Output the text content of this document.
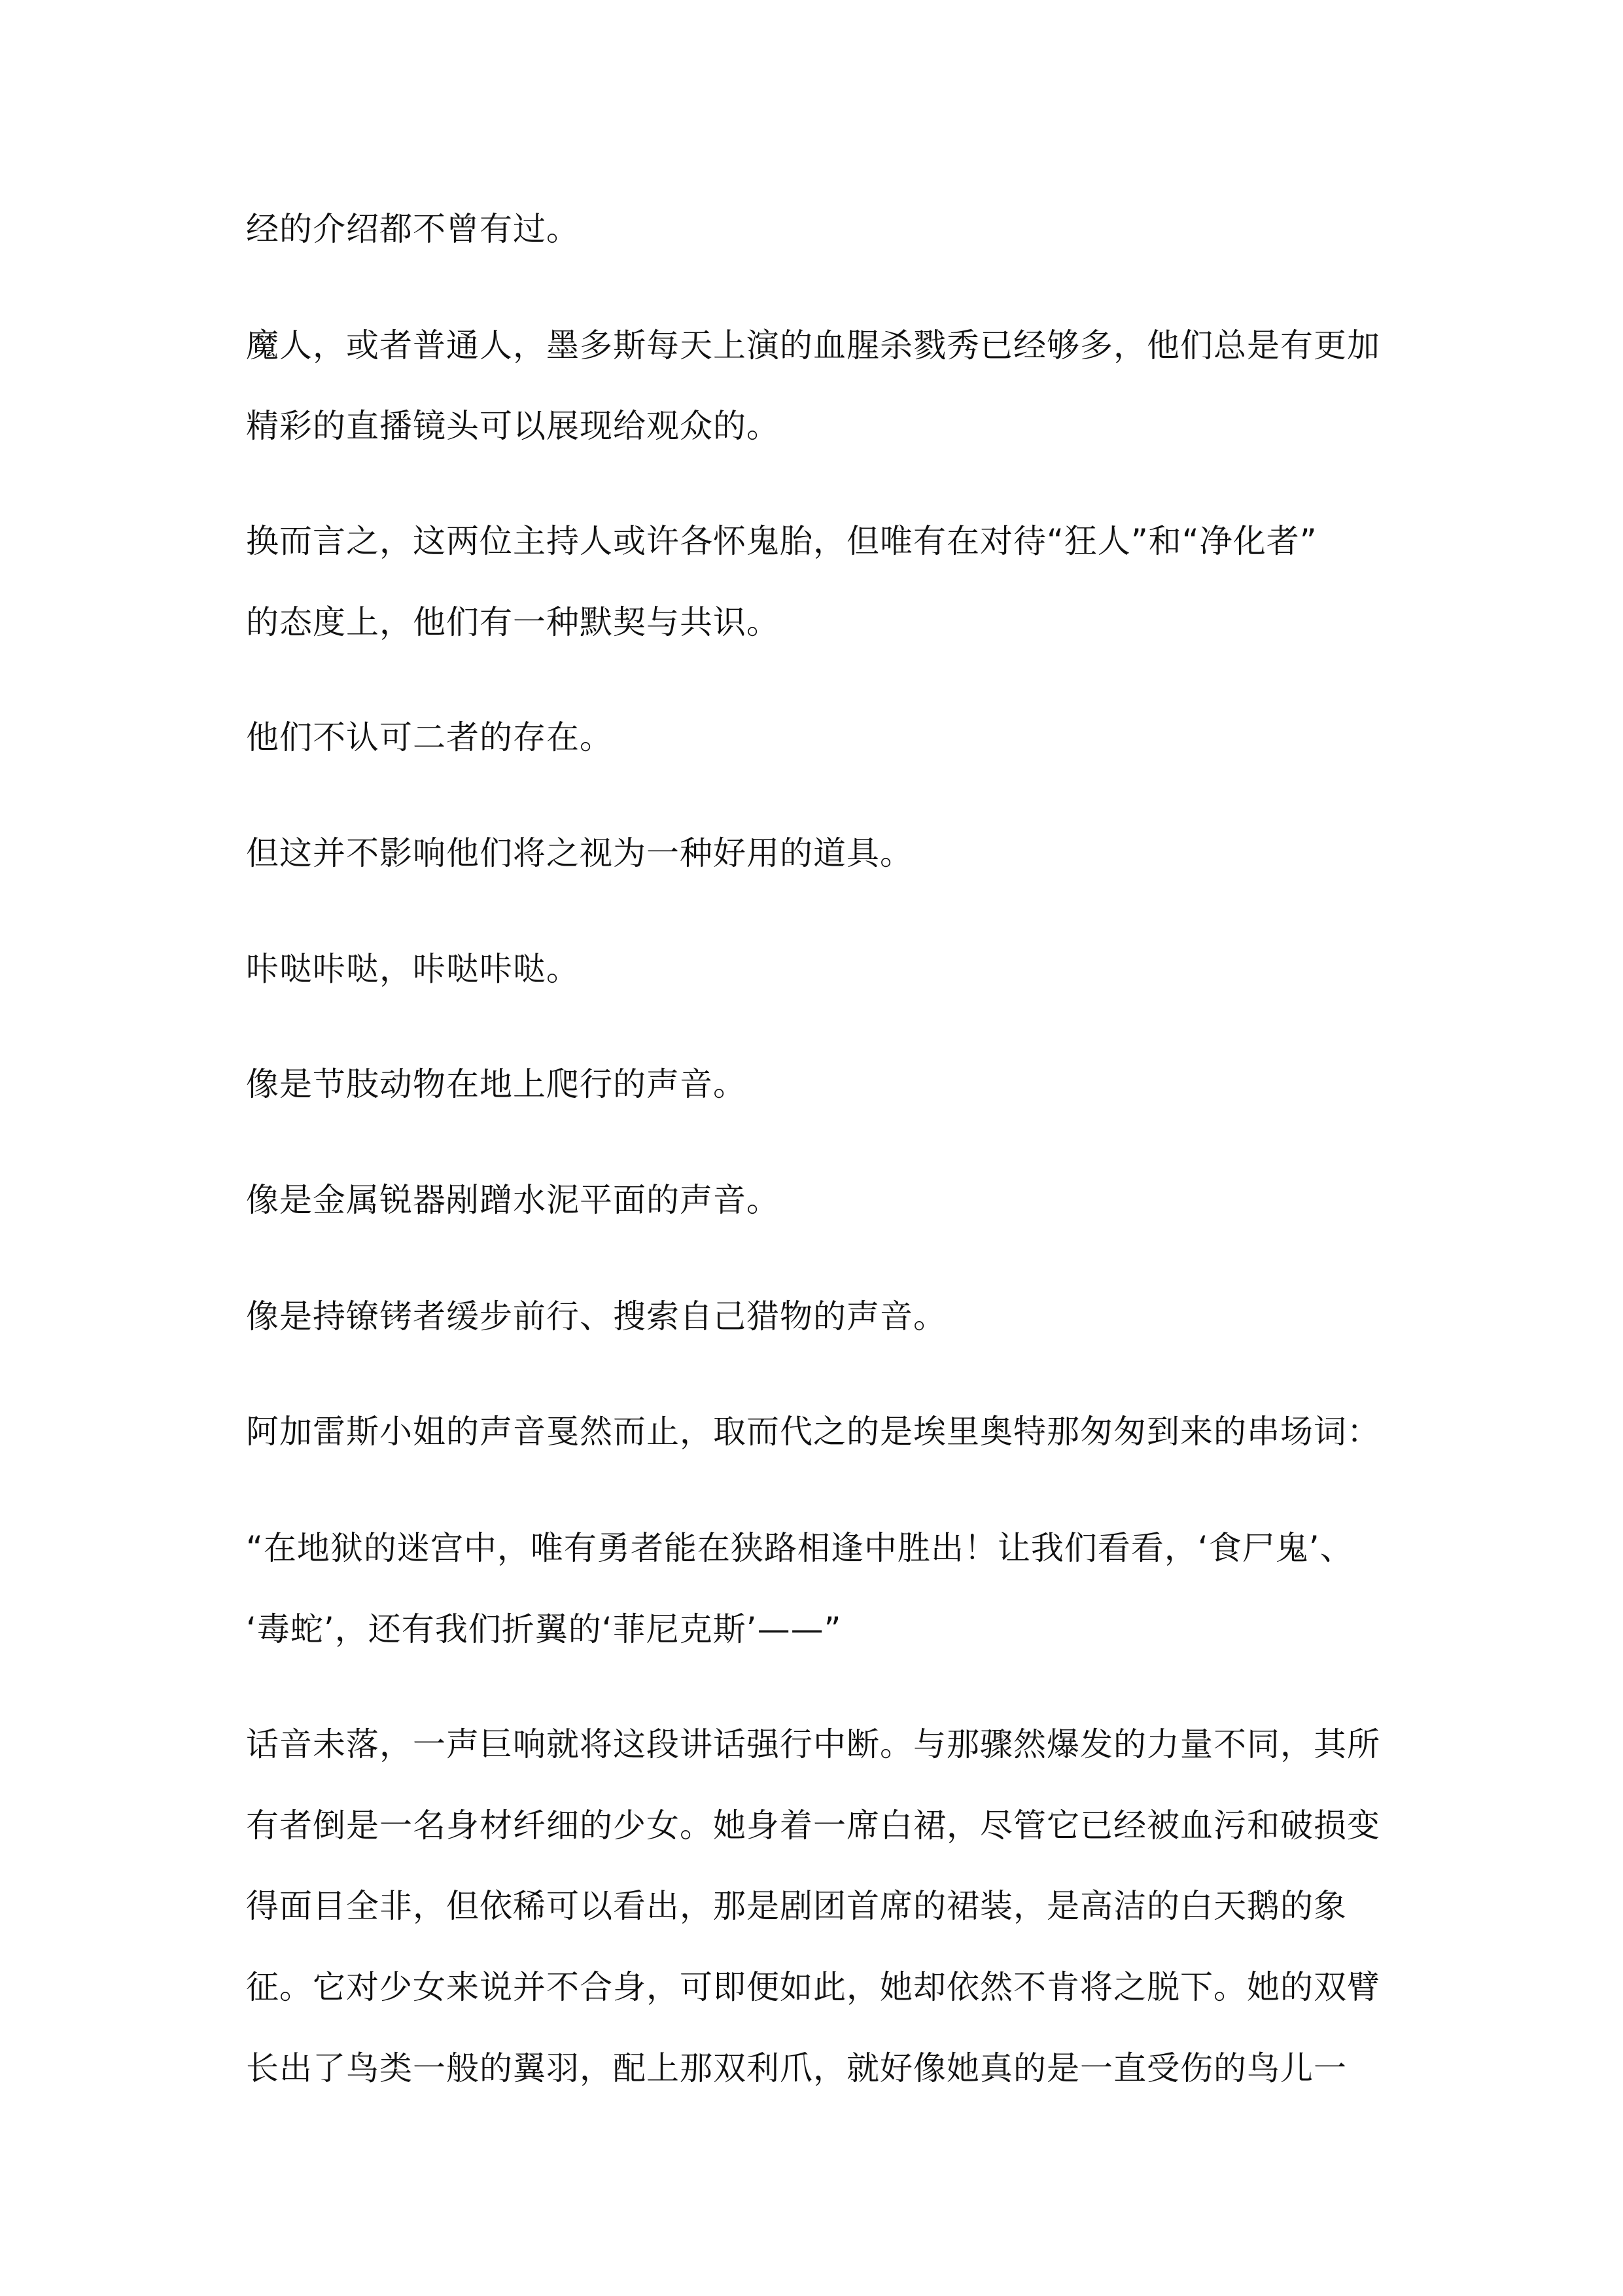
经的介绍都不曾有过。
魔人，或者普通人，墨多斯每天上演的血腥杀戮秀已经够多，他们总是有更加
精彩的直播镜头可以展现给观众的。
换而言之，这两位主持人或许各怀鬼胎，但唯有在对待“狂人”和“净化者”
的态度上，他们有一种默契与共识。
他们不认可二者的存在。
但这并不影响他们将之视为一种好用的道具。
咔哒咔哒，咔哒咔哒。
像是节肢动物在地上爬行的声音。
像是金属锐器剐蹭水泥平面的声音。
像是持镣铐者缓步前行、搜索自己猎物的声音。
阿加雷斯小姐的声音戛然而止，取而代之的是埃里奥特那匆匆到来的串场词：
“在地狱的迷宫中，唯有勇者能在狭路相逢中胜出！让我们看看，‘食尸鬼’、
‘毒蛇’，还有我们折翼的‘菲尼克斯’——”
话音未落，一声巨响就将这段讲话强行中断。与那骤然爆发的力量不同，其所
有者倒是一名身材纤细的少女。她身着一席白裙，尽管它已经被血污和破损变
得面目全非，但依稀可以看出，那是剧团首席的裙装，是高洁的白天鹅的象
征。它对少女来说并不合身，可即便如此，她却依然不肯将之脱下。她的双臂
长出了鸟类一般的翼羽，配上那双利爪，就好像她真的是一直受伤的鸟儿一
